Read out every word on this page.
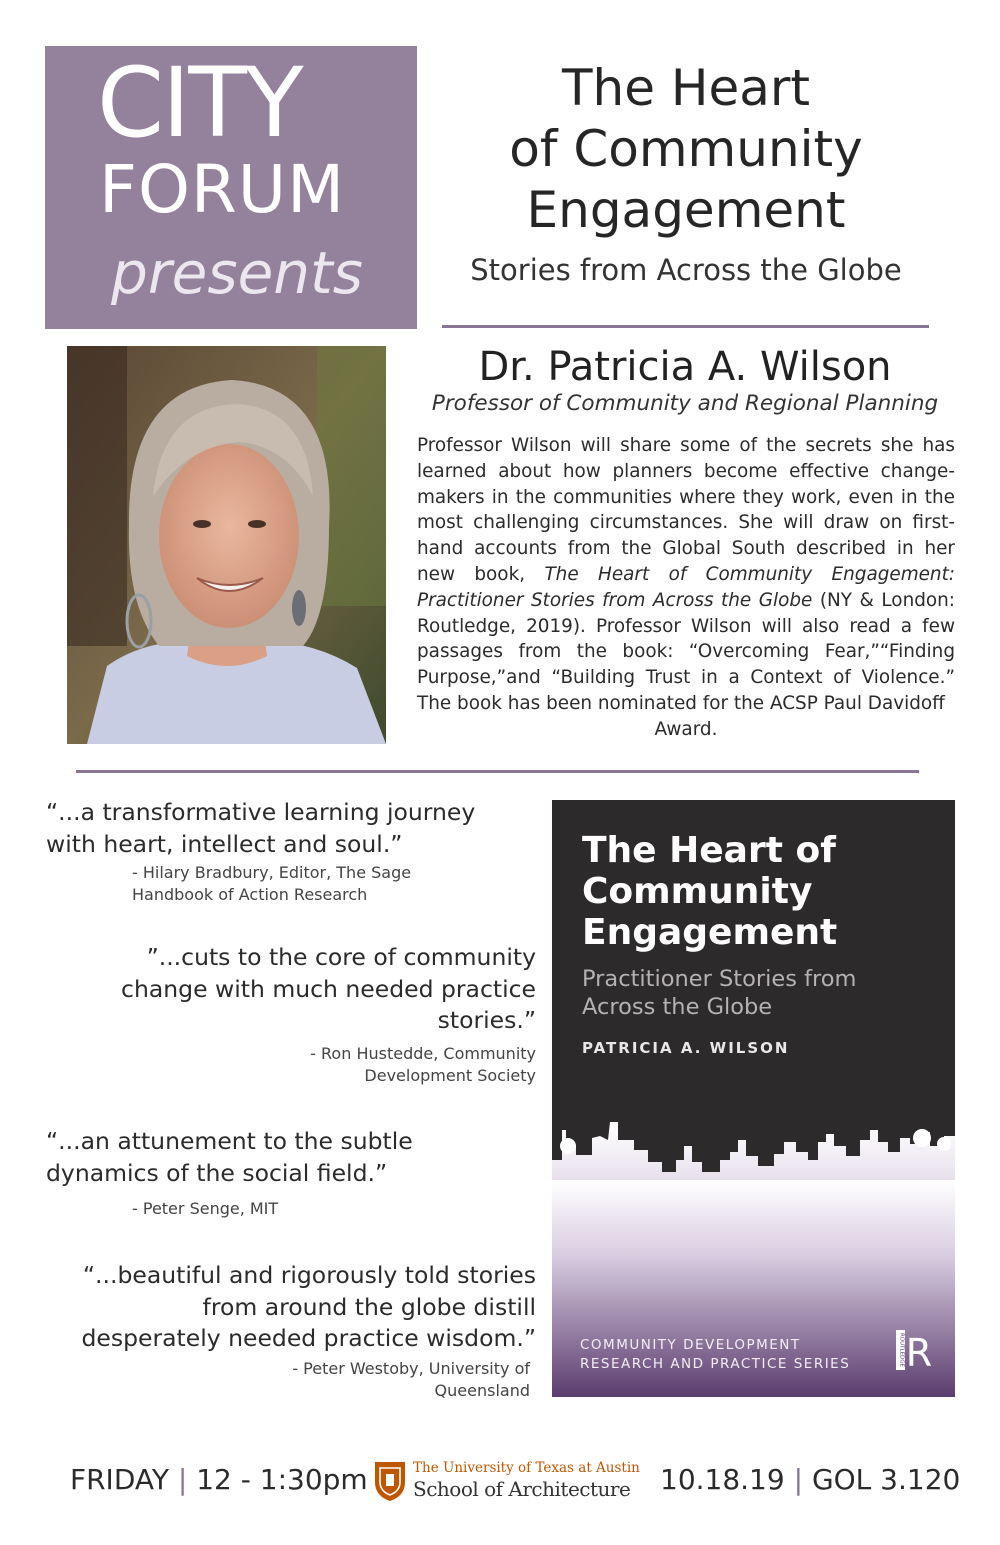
CITY
FORUM
presents
The Heart
of Community
Engagement
Stories from Across the Globe
Dr. Patricia A. Wilson
Professor of Community and Regional Planning
Professor Wilson will share some of the secrets she has learned about how planners become effective change-makers in the communities where they work, even in the most challenging circumstances. She will draw on first-hand accounts from the Global South described in her new book, The Heart of Community Engagement: Practitioner Stories from Across the Globe (NY & London: Routledge, 2019). Professor Wilson will also read a few passages from the book: “Overcoming Fear,”“Finding Purpose,”and “Building Trust in a Context of Violence.” The book has been nominated for the ACSP Paul Davidoff
Award.
“...a transformative learning journey
with heart, intellect and soul.”
- Hilary Bradbury, Editor, The Sage
Handbook of Action Research
”...cuts to the core of community
change with much needed practice
stories.”
- Ron Hustedde, Community
Development Society
“...an attunement to the subtle
dynamics of the social field.”
- Peter Senge, MIT
“...beautiful and rigorously told stories
from around the globe distill
desperately needed practice wisdom.”
- Peter Westoby, University of
Queensland
The Heart of
Community
Engagement
Practitioner Stories from
Across the Globe
PATRICIA A. WILSON
COMMUNITY DEVELOPMENT
RESEARCH AND PRACTICE SERIES	ROUTLEDGE R
FRIDAY | 12 - 1:30pm	The University of Texas at Austin
School of Architecture 10.18.19 | GOL 3.120
